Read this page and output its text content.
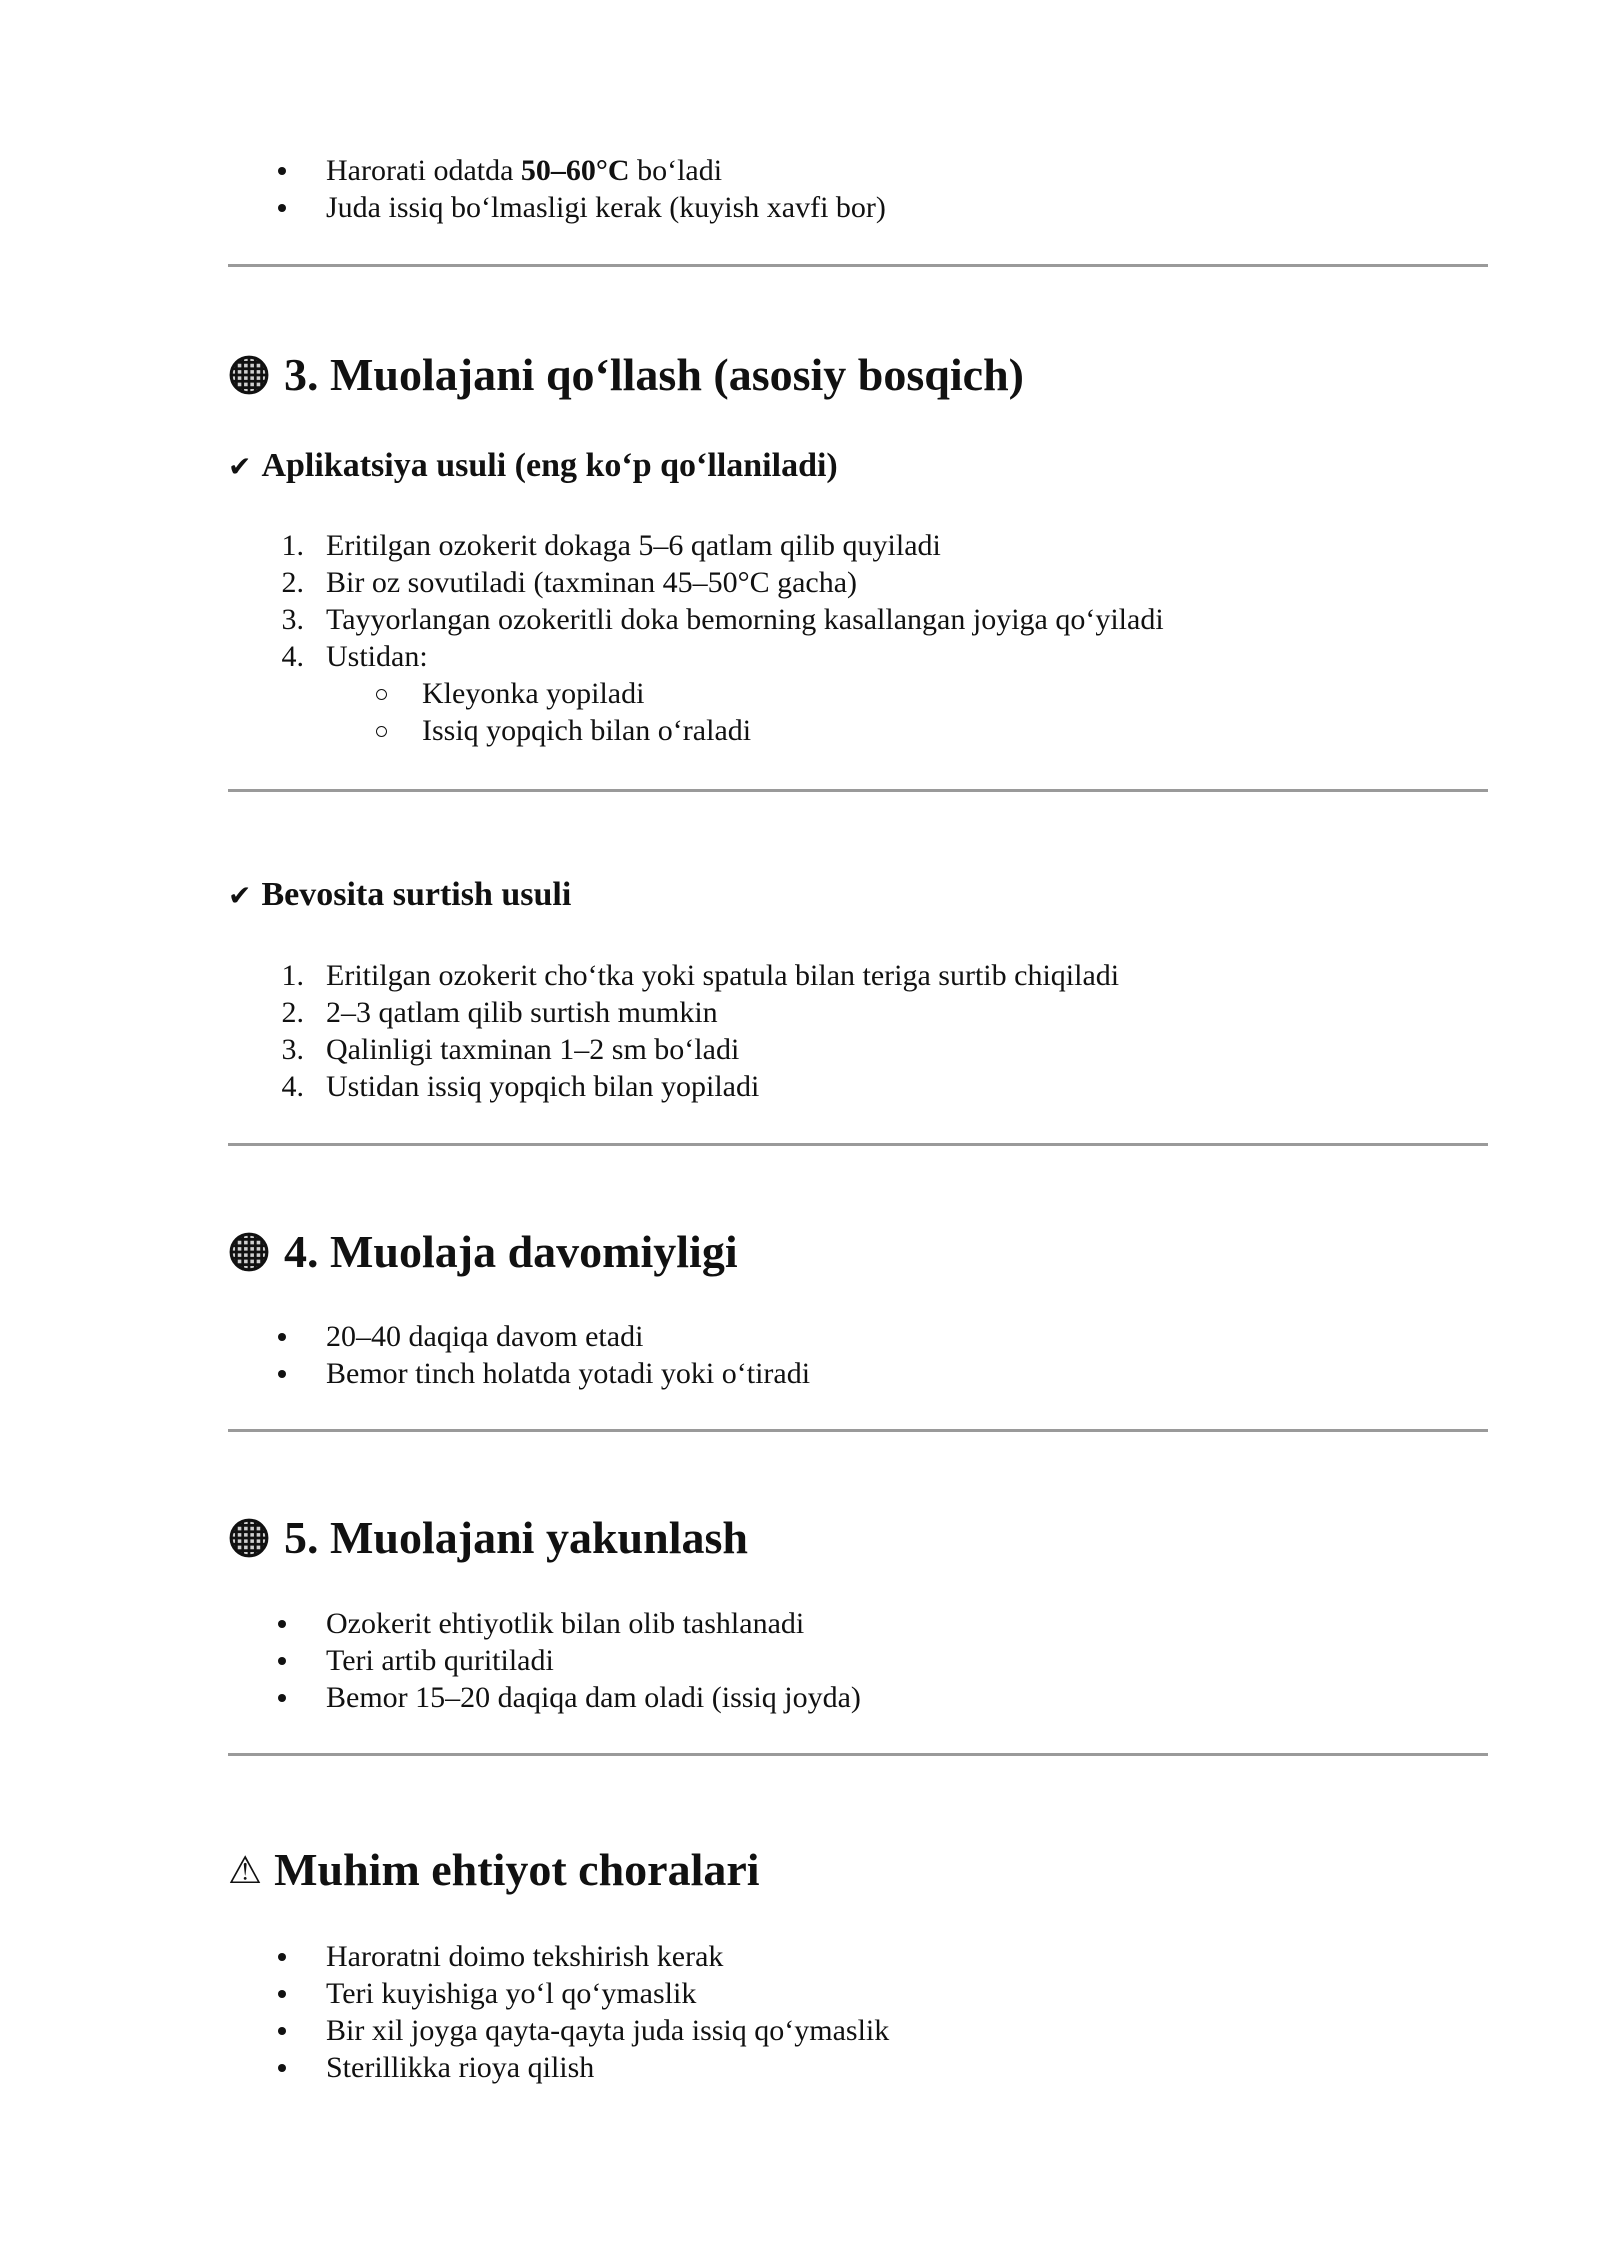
Harorati odatda 50–60°C bo‘ladi
Juda issiq bo‘lmasligi kerak (kuyish xavfi bor)
3. Muolajani qo‘llash (asosiy bosqich)
✔ Aplikatsiya usuli (eng ko‘p qo‘llaniladi)
1. Eritilgan ozokerit dokaga 5–6 qatlam qilib quyiladi
2. Bir oz sovutiladi (taxminan 45–50°C gacha)
3. Tayyorlangan ozokeritli doka bemorning kasallangan joyiga qo‘yiladi
4. Ustidan:
Kleyonka yopiladi
Issiq yopqich bilan o‘raladi
✔ Bevosita surtish usuli
1. Eritilgan ozokerit cho‘tka yoki spatula bilan teriga surtib chiqiladi
2. 2–3 qatlam qilib surtish mumkin
3. Qalinligi taxminan 1–2 sm bo‘ladi
4. Ustidan issiq yopqich bilan yopiladi
4. Muolaja davomiyligi
20–40 daqiqa davom etadi
Bemor tinch holatda yotadi yoki o‘tiradi
5. Muolajani yakunlash
Ozokerit ehtiyotlik bilan olib tashlanadi
Teri artib quritiladi
Bemor 15–20 daqiqa dam oladi (issiq joyda)
⚠ Muhim ehtiyot choralari
Haroratni doimo tekshirish kerak
Teri kuyishiga yo‘l qo‘ymaslik
Bir xil joyga qayta-qayta juda issiq qo‘ymaslik
Sterillikka rioya qilish
